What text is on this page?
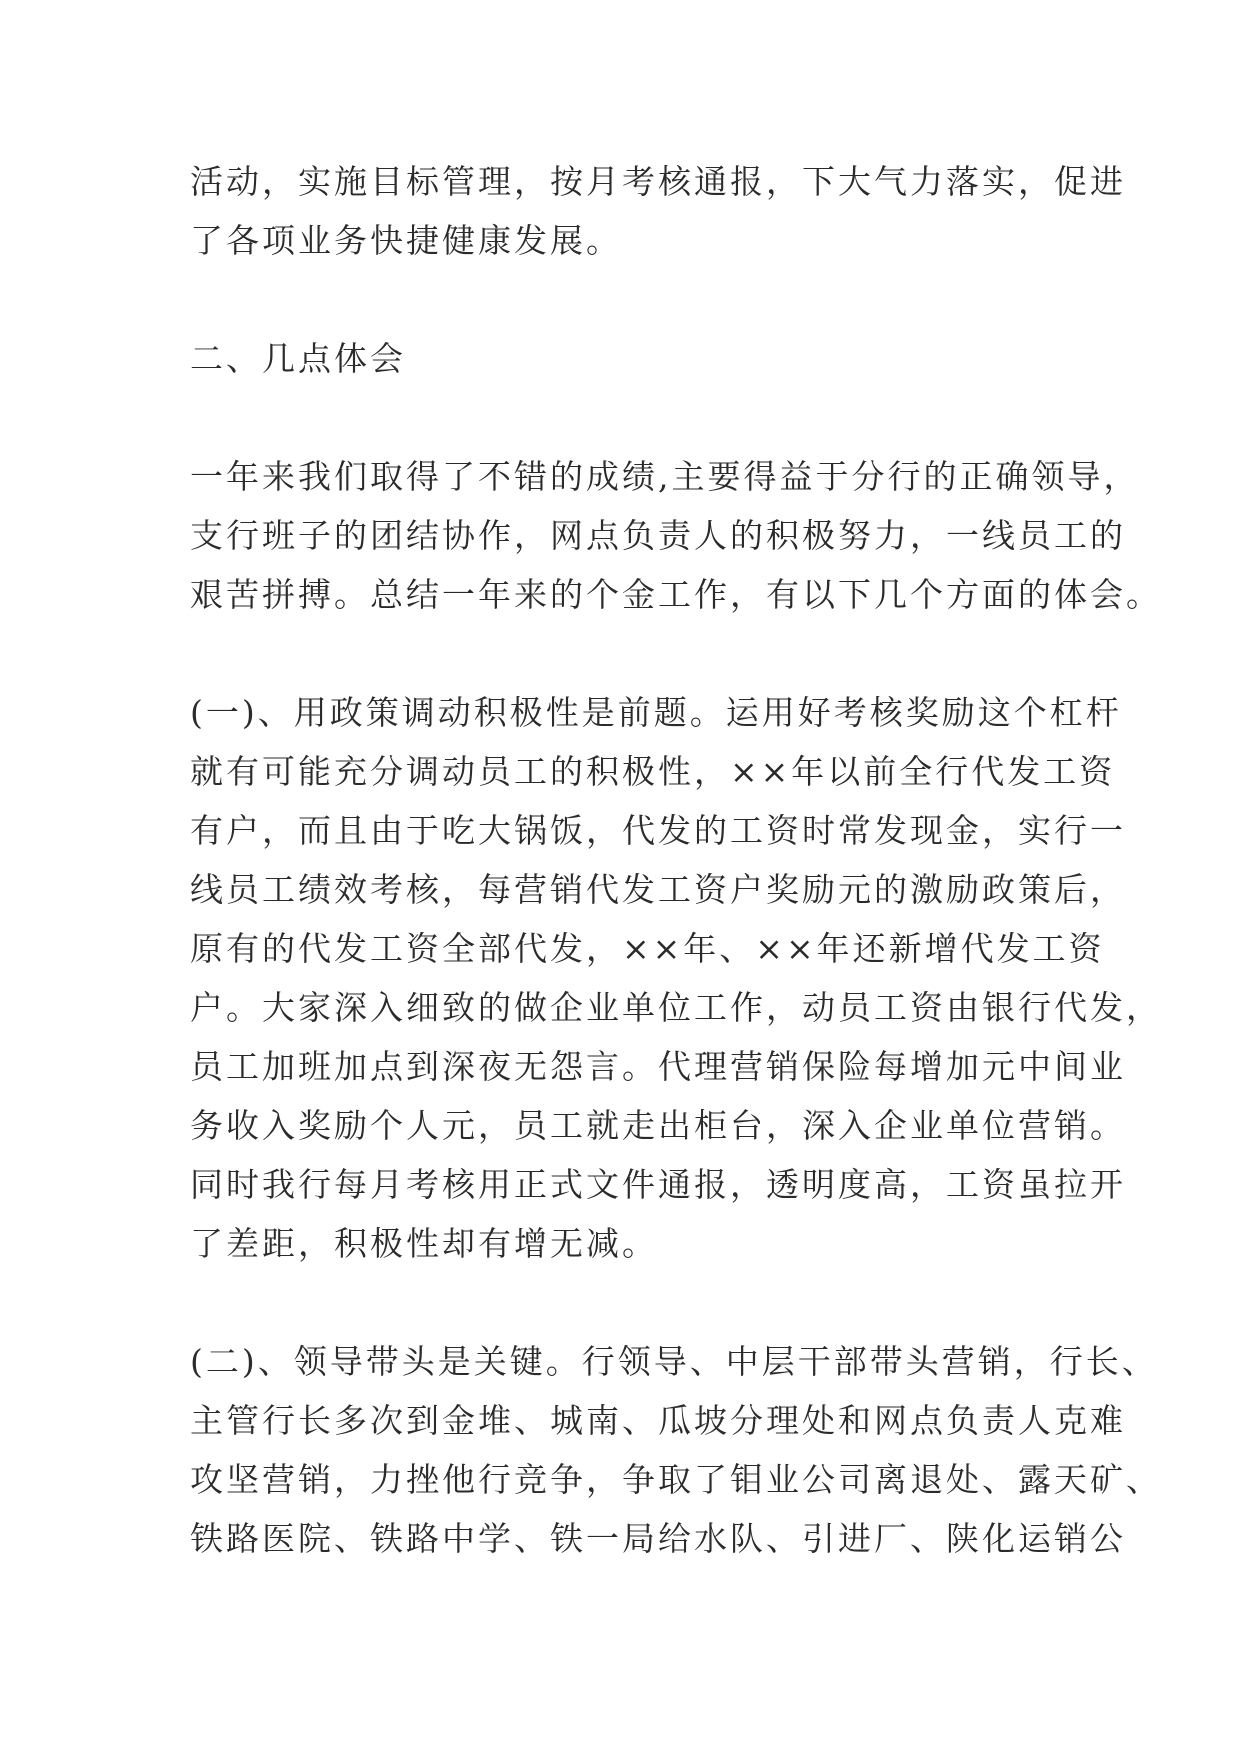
活动，实施目标管理，按月考核通报，下大气力落实，促进
了各项业务快捷健康发展。

二、几点体会

一年来我们取得了不错的成绩,主要得益于分行的正确领导，
支行班子的团结协作，网点负责人的积极努力，一线员工的
艰苦拼搏。总结一年来的个金工作，有以下几个方面的体会。

(一)、用政策调动积极性是前题。运用好考核奖励这个杠杆
就有可能充分调动员工的积极性，××年以前全行代发工资
有户，而且由于吃大锅饭，代发的工资时常发现金，实行一
线员工绩效考核，每营销代发工资户奖励元的激励政策后，
原有的代发工资全部代发，××年、××年还新增代发工资
户。大家深入细致的做企业单位工作，动员工资由银行代发，
员工加班加点到深夜无怨言。代理营销保险每增加元中间业
务收入奖励个人元，员工就走出柜台，深入企业单位营销。
同时我行每月考核用正式文件通报，透明度高，工资虽拉开
了差距，积极性却有增无减。

(二)、领导带头是关键。行领导、中层干部带头营销，行长、
主管行长多次到金堆、城南、瓜坡分理处和网点负责人克难
攻坚营销，力挫他行竞争，争取了钼业公司离退处、露天矿、
铁路医院、铁路中学、铁一局给水队、引进厂、陕化运销公
